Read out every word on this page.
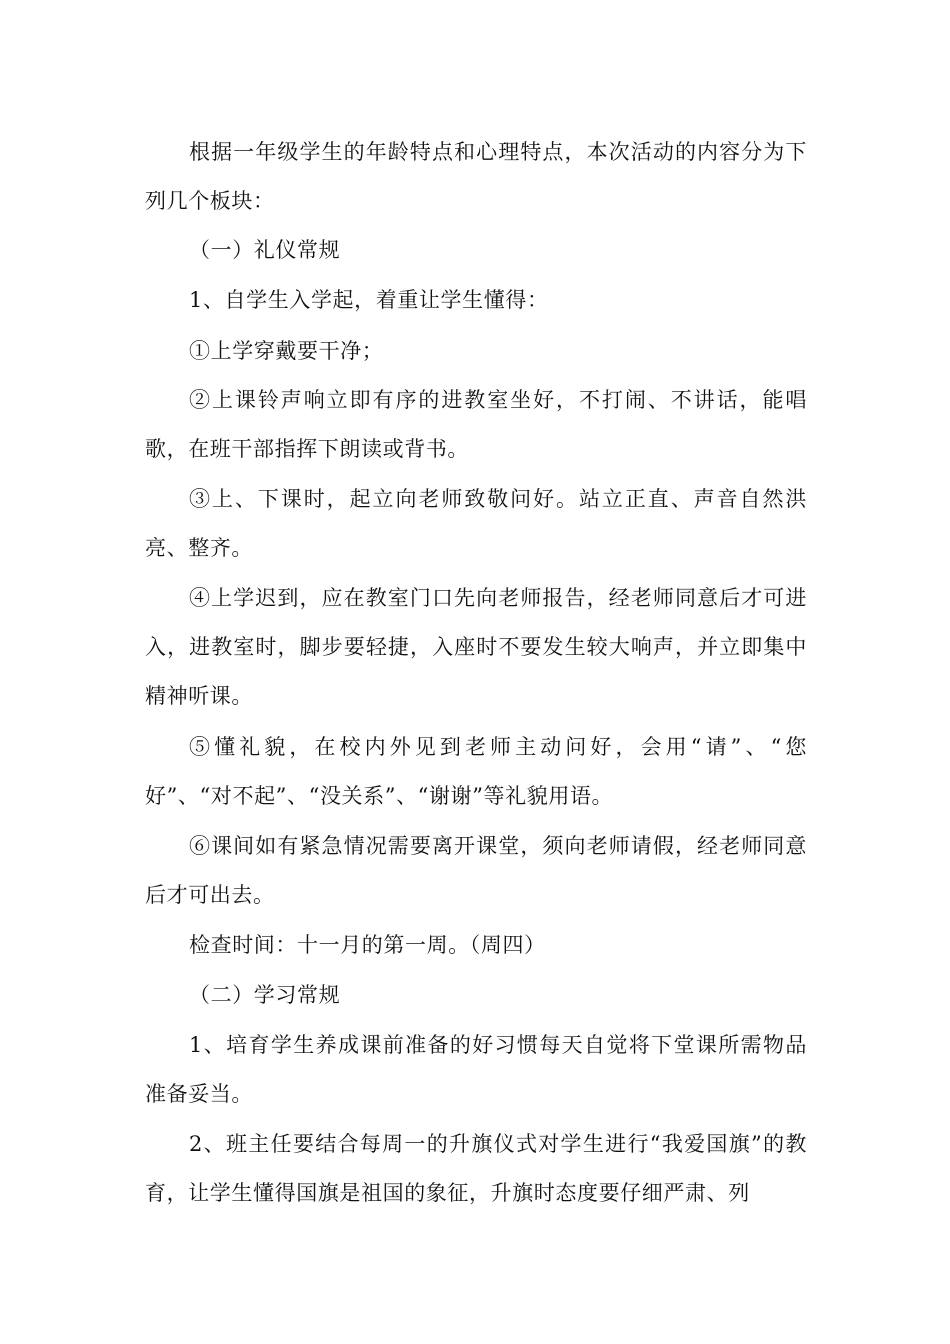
根据一年级学生的年龄特点和心理特点，本次活动的内容分为下列几个板块：

（一）礼仪常规

1、自学生入学起，着重让学生懂得：

①上学穿戴要干净；

②上课铃声响立即有序的进教室坐好，不打闹、不讲话，能唱歌，在班干部指挥下朗读或背书。

③上、下课时，起立向老师致敬问好。站立正直、声音自然洪亮、整齐。

④上学迟到，应在教室门口先向老师报告，经老师同意后才可进入，进教室时，脚步要轻捷，入座时不要发生较大响声，并立即集中精神听课。

⑤懂礼貌，在校内外见到老师主动问好，会用“请”、“您好”、“对不起”、“没关系”、“谢谢”等礼貌用语。

⑥课间如有紧急情况需要离开课堂，须向老师请假，经老师同意后才可出去。

检查时间：十一月的第一周。（周四）

（二）学习常规

1、培育学生养成课前准备的好习惯每天自觉将下堂课所需物品准备妥当。

2、班主任要结合每周一的升旗仪式对学生进行“我爱国旗”的教育，让学生懂得国旗是祖国的象征，升旗时态度要仔细严肃、列
